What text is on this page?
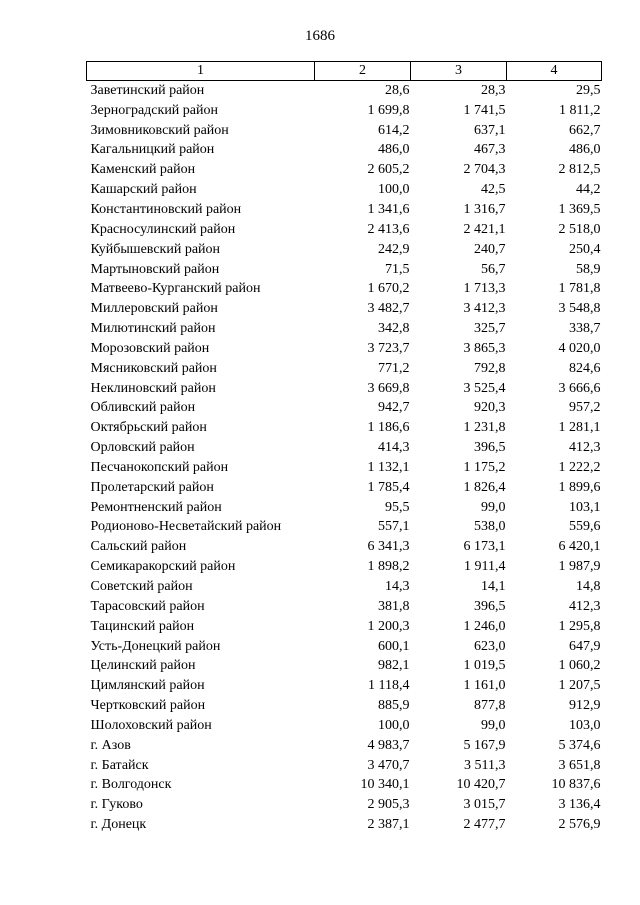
1686
1	2	3	4
Заветинский район	28,6	28,3	29,5
Зерноградский район	1 699,8	1 741,5	1 811,2
Зимовниковский район	614,2	637,1	662,7
Кагальницкий район	486,0	467,3	486,0
Каменский район	2 605,2	2 704,3	2 812,5
Кашарский район	100,0	42,5	44,2
Константиновский район	1 341,6	1 316,7	1 369,5
Красносулинский район	2 413,6	2 421,1	2 518,0
Куйбышевский район	242,9	240,7	250,4
Мартыновский район	71,5	56,7	58,9
Матвеево-Курганский район	1 670,2	1 713,3	1 781,8
Миллеровский район	3 482,7	3 412,3	3 548,8
Милютинский район	342,8	325,7	338,7
Морозовский район	3 723,7	3 865,3	4 020,0
Мясниковский район	771,2	792,8	824,6
Неклиновский район	3 669,8	3 525,4	3 666,6
Обливский район	942,7	920,3	957,2
Октябрьский район	1 186,6	1 231,8	1 281,1
Орловский район	414,3	396,5	412,3
Песчанокопский район	1 132,1	1 175,2	1 222,2
Пролетарский район	1 785,4	1 826,4	1 899,6
Ремонтненский район	95,5	99,0	103,1
Родионово-Несветайский район	557,1	538,0	559,6
Сальский район	6 341,3	6 173,1	6 420,1
Семикаракорский район	1 898,2	1 911,4	1 987,9
Советский район	14,3	14,1	14,8
Тарасовский район	381,8	396,5	412,3
Тацинский район	1 200,3	1 246,0	1 295,8
Усть-Донецкий район	600,1	623,0	647,9
Целинский район	982,1	1 019,5	1 060,2
Цимлянский район	1 118,4	1 161,0	1 207,5
Чертковский район	885,9	877,8	912,9
Шолоховский район	100,0	99,0	103,0
г. Азов	4 983,7	5 167,9	5 374,6
г. Батайск	3 470,7	3 511,3	3 651,8
г. Волгодонск	10 340,1	10 420,7	10 837,6
г. Гуково	2 905,3	3 015,7	3 136,4
г. Донецк	2 387,1	2 477,7	2 576,9
